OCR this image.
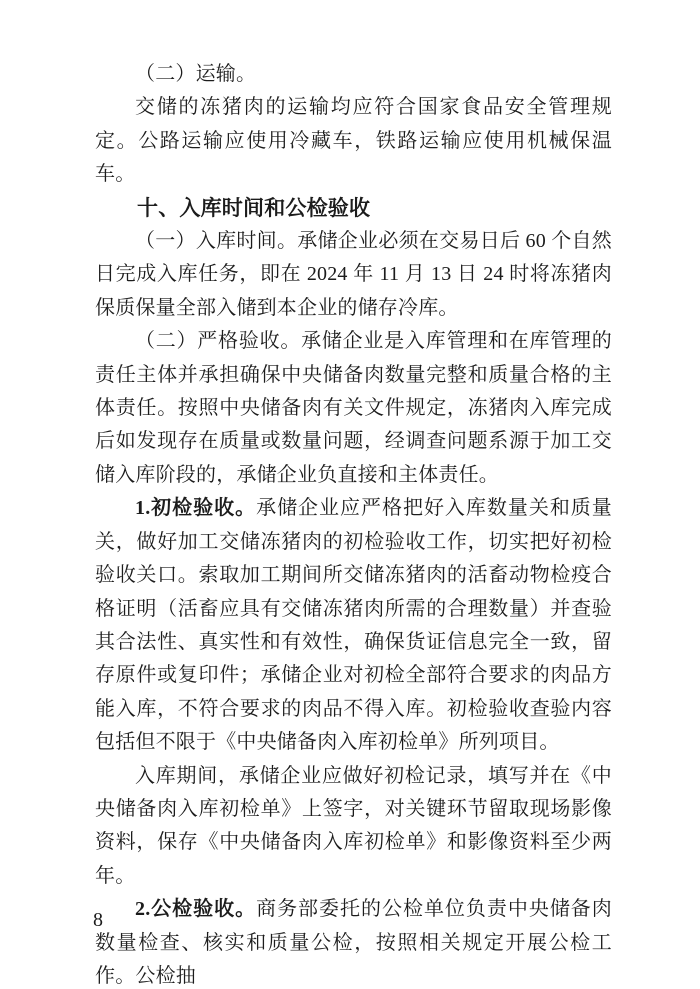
（二）运输。

交储的冻猪肉的运输均应符合国家食品安全管理规定。公路运输应使用冷藏车，铁路运输应使用机械保温车。

十、入库时间和公检验收

（一）入库时间。承储企业必须在交易日后 60 个自然日完成入库任务，即在 2024 年 11 月 13 日 24 时将冻猪肉保质保量全部入储到本企业的储存冷库。

（二）严格验收。承储企业是入库管理和在库管理的责任主体并承担确保中央储备肉数量完整和质量合格的主体责任。按照中央储备肉有关文件规定，冻猪肉入库完成后如发现存在质量或数量问题，经调查问题系源于加工交储入库阶段的，承储企业负直接和主体责任。

1.初检验收。承储企业应严格把好入库数量关和质量关，做好加工交储冻猪肉的初检验收工作，切实把好初检验收关口。索取加工期间所交储冻猪肉的活畜动物检疫合格证明（活畜应具有交储冻猪肉所需的合理数量）并查验其合法性、真实性和有效性，确保货证信息完全一致，留存原件或复印件；承储企业对初检全部符合要求的肉品方能入库，不符合要求的肉品不得入库。初检验收查验内容包括但不限于《中央储备肉入库初检单》所列项目。

入库期间，承储企业应做好初检记录，填写并在《中央储备肉入库初检单》上签字，对关键环节留取现场影像资料，保存《中央储备肉入库初检单》和影像资料至少两年。

2.公检验收。商务部委托的公检单位负责中央储备肉数量检查、核实和质量公检，按照相关规定开展公检工作。公检抽

8
